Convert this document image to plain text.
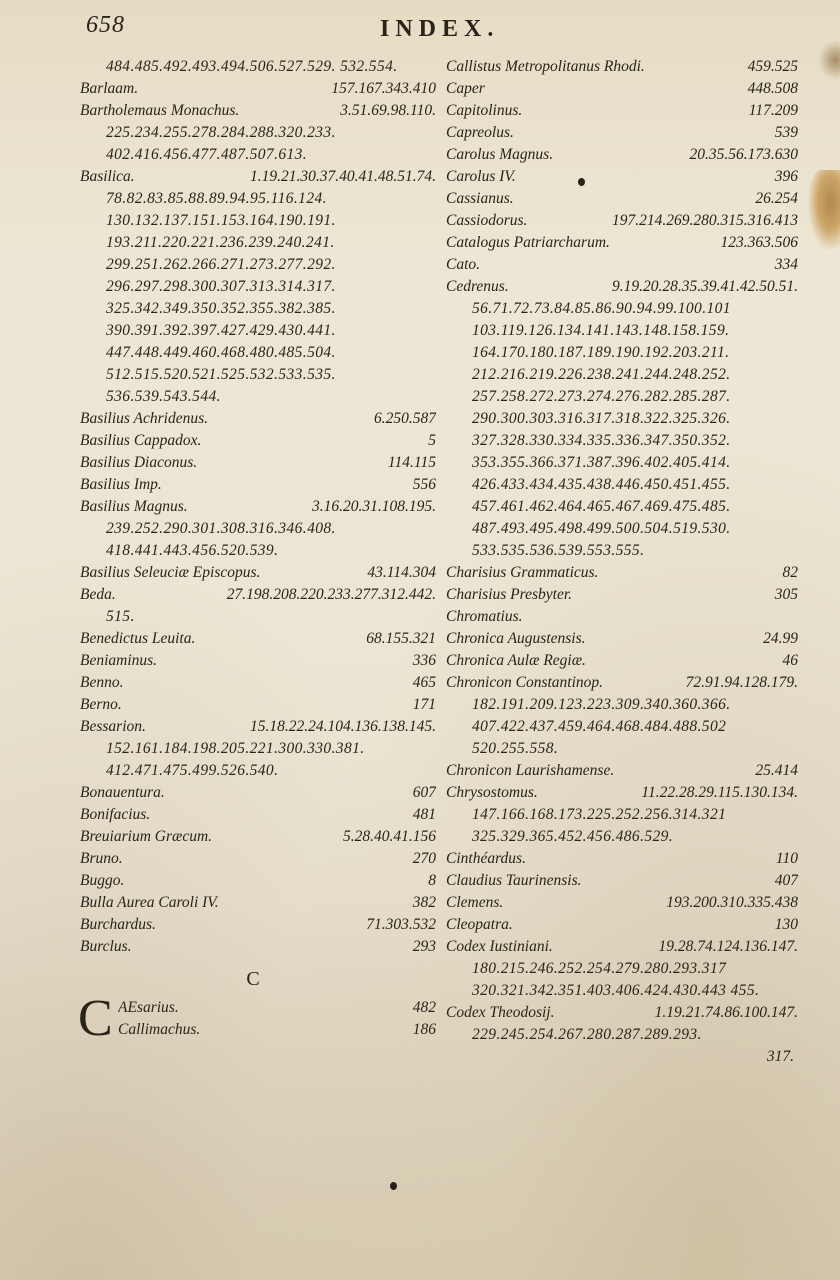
658	INDEX.
484.485.492.493.494.506.527.529. 532.554.
Barlaam.	157.167.343.410
Bartholemaus Monachus.	3.51.69.98.110.
225.234.255.278.284.288.320.233. 402.416.456.477.487.507.613.
Basilica.	1.19.21.30.37.40.41.48.51.74.
78.82.83.85.88.89.94.95.116.124. 130.132.137.151.153.164.190.191. 193.211.220.221.236.239.240.241. 299.251.262.266.271.273.277.292. 296.297.298.300.307.313.314.317. 325.342.349.350.352.355.382.385. 390.391.392.397.427.429.430.441. 447.448.449.460.468.480.485.504. 512.515.520.521.525.532.533.535. 536.539.543.544.
Basilius Achridenus.	6.250.587
Basilius Cappadox.	5
Basilius Diaconus.	114.115
Basilius Imp.	556
Basilius Magnus.	3.16.20.31.108.195.
239.252.290.301.308.316.346.408. 418.441.443.456.520.539.
Basilius Seleuciæ Episcopus.	43.114.304
Beda.	27.198.208.220.233.277.312.442.
515.
Benedictus Leuita.	68.155.321
Beniaminus.	336
Benno.	465
Berno.	171
Bessarion.	15.18.22.24.104.136.138.145.
152.161.184.198.205.221.300.330.381. 412.471.475.499.526.540.
Bonauentura.	607
Bonifacius.	481
Breuiarium Græcum.	5.28.40.41.156
Bruno.	270
Buggo.	8
Bulla Aurea Caroli IV.	382
Burchardus.	71.303.532
Burclus.	293
C
C AEsarius.	482
Callimachus.	186
Callistus Metropolitanus Rhodi.	459.525
Caper	448.508
Capitolinus.	117.209
Capreolus.	539
Carolus Magnus.	20.35.56.173.630
Carolus IV.	396
Cassianus.	26.254
Cassiodorus.	197.214.269.280.315.316.413
Catalogus Patriarcharum.	123.363.506
Cato.	334
Cedrenus.	9.19.20.28.35.39.41.42.50.51.
56.71.72.73.84.85.86.90.94.99.100.101 103.119.126.134.141.143.148.158.159. 164.170.180.187.189.190.192.203.211. 212.216.219.226.238.241.244.248.252. 257.258.272.273.274.276.282.285.287. 290.300.303.316.317.318.322.325.326. 327.328.330.334.335.336.347.350.352. 353.355.366.371.387.396.402.405.414. 426.433.434.435.438.446.450.451.455. 457.461.462.464.465.467.469.475.485. 487.493.495.498.499.500.504.519.530. 533.535.536.539.553.555.
Charisius Grammaticus.	82
Charisius Presbyter.	305
Chromatius.
Chronica Augustensis.	24.99
Chronica Aulæ Regiæ.	46
Chronicon Constantinop.	72.91.94.128.179.
182.191.209.123.223.309.340.360.366. 407.422.437.459.464.468.484.488.502 520.255.558.
Chronicon Laurishamense.	25.414
Chrysostomus.	11.22.28.29.115.130.134.
147.166.168.173.225.252.256.314.321 325.329.365.452.456.486.529.
Cinthéardus.	110
Claudius Taurinensis.	407
Clemens.	193.200.310.335.438
Cleopatra.	130
Codex Iustiniani.	19.28.74.124.136.147.
180.215.246.252.254.279.280.293.317 320.321.342.351.403.406.424.430.443 455.
Codex Theodosij.	1.19.21.74.86.100.147.
229.245.254.267.280.287.289.293.
317.
